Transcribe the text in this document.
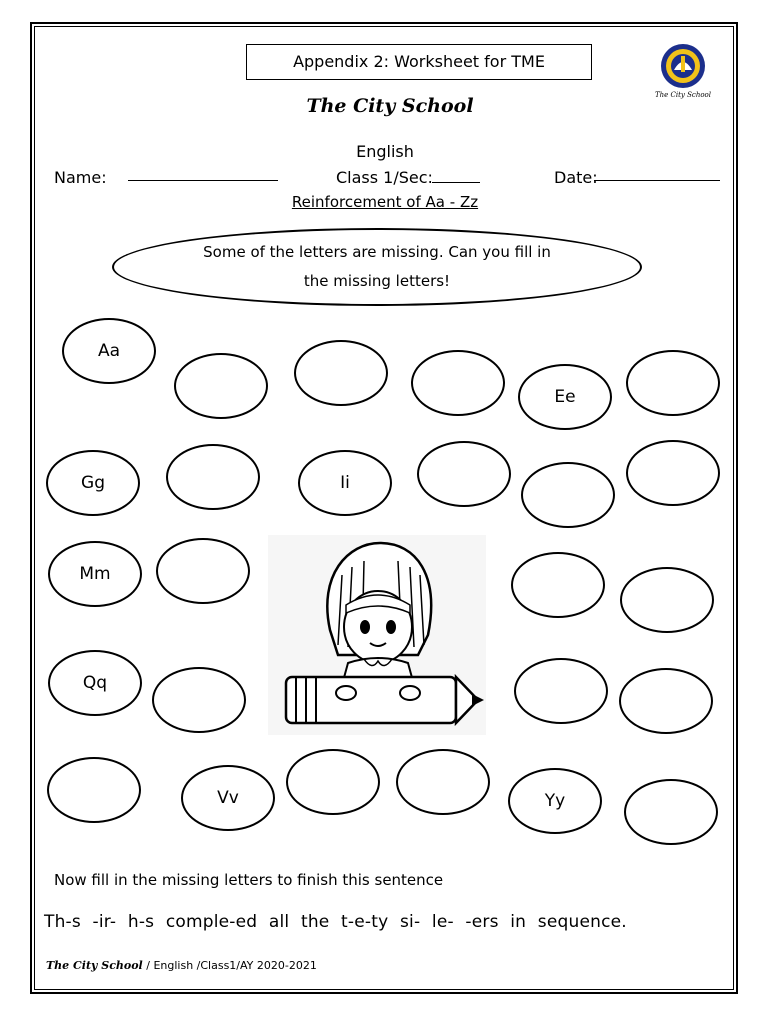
Appendix 2: Worksheet for TME
The City School
The City School
English
Name:	Class 1/Sec:	Date:
Reinforcement of Aa - Zz
Some of the letters are missing. Can you fill in the missing letters!
Aa
Ee
Gg	Ii
Mm
Qq
Vv	Yy
Now fill in the missing letters to finish this sentence
Th-s -ir- h-s comple-ed all the t-e-ty si- le- -ers in sequence.
The City School / English /Class1/AY 2020-2021
